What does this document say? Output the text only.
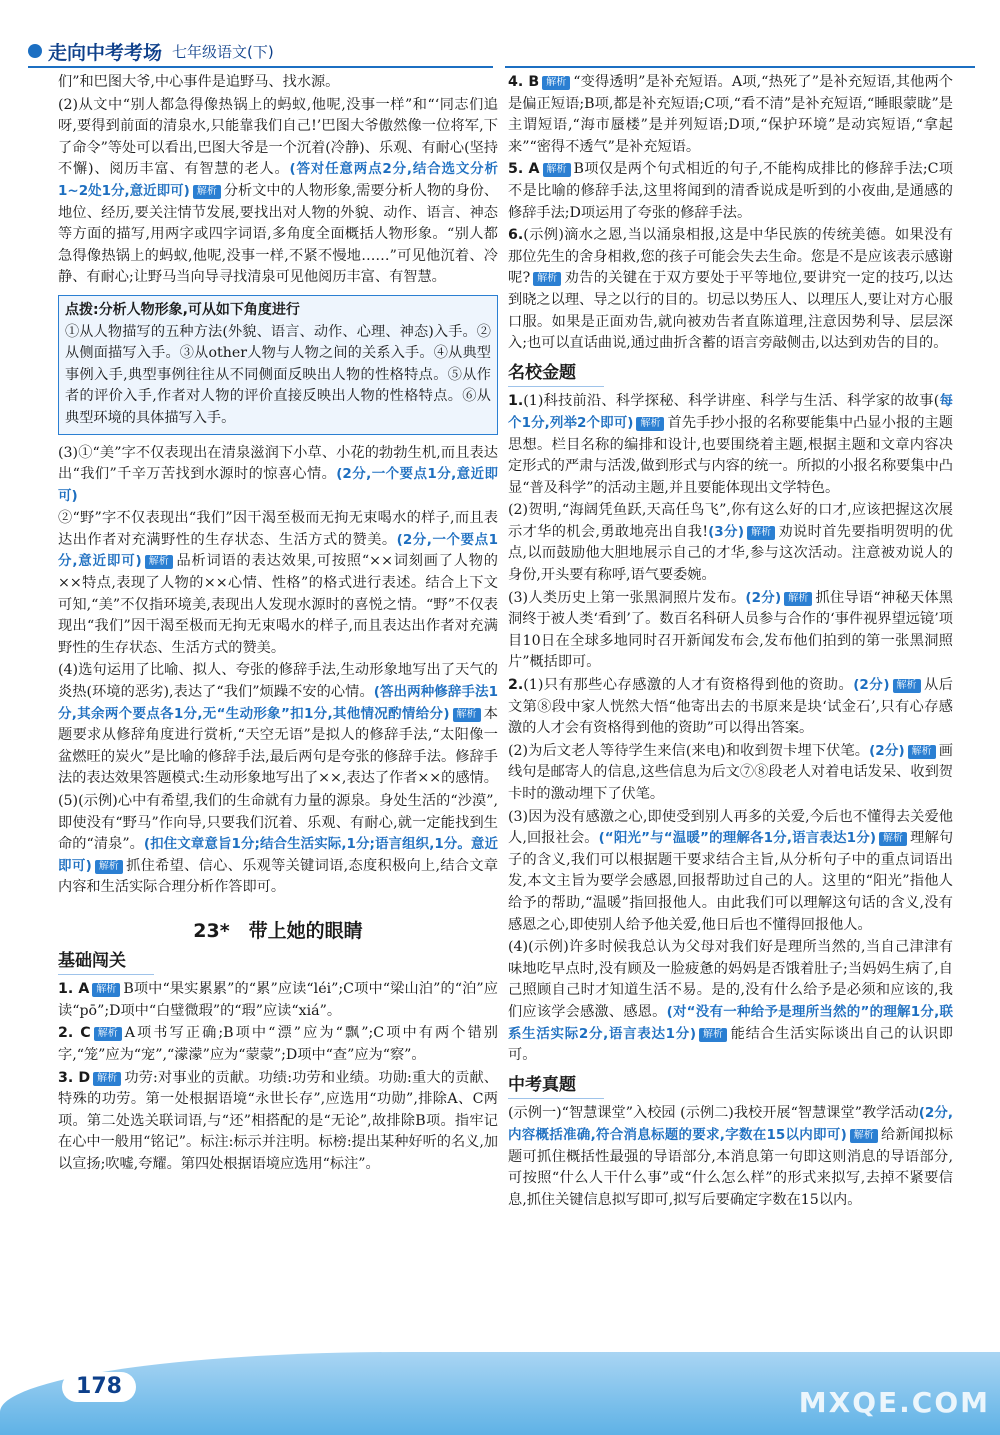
走向中考考场 七年级语文(下)

们”和巴图大爷,中心事件是追野马、找水源。

(2)从文中“别人都急得像热锅上的蚂蚁,他呢,没事一样”和“‘同志们追呀,要得到前面的清泉水,只能靠我们自己!’巴图大爷傲然像一位将军,下了命令”等处可以看出,巴图大爷是一个沉着(冷静)、乐观、有耐心(坚持不懈)、阅历丰富、有智慧的老人。(答对任意两点2分,结合选文分析1~2处1分,意近即可) 解析 分析文中的人物形象,需要分析人物的身份、地位、经历,要关注情节发展,要找出对人物的外貌、动作、语言、神态等方面的描写,用两字或四字词语,多角度全面概括人物形象。“别人都急得像热锅上的蚂蚁,他呢,没事一样,不紧不慢地……”可见他沉着、冷静、有耐心;让野马当向导寻找清泉可见他阅历丰富、有智慧。

点拨:分析人物形象,可从如下角度进行
①从人物描写的五种方法(外貌、语言、动作、心理、神态)入手。②从侧面描写入手。③从other人物与人物之间的关系入手。④从典型事例入手,典型事例往往从不同侧面反映出人物的性格特点。⑤从作者的评价入手,作者对人物的评价直接反映出人物的性格特点。⑥从典型环境的具体描写入手。

(3)①“美”字不仅表现出在清泉滋润下小草、小花的勃勃生机,而且表达出“我们”千辛万苦找到水源时的惊喜心情。(2分,一个要点1分,意近即可)

②“野”字不仅表现出“我们”因干渴至极而无拘无束喝水的样子,而且表达出作者对充满野性的生存状态、生活方式的赞美。(2分,一个要点1分,意近即可) 解析 品析词语的表达效果,可按照“××词刻画了人物的××特点,表现了人物的××心情、性格”的格式进行表述。结合上下文可知,“美”不仅指环境美,表现出人发现水源时的喜悦之情。“野”不仅表现出“我们”因干渴至极而无拘无束喝水的样子,而且表达出作者对充满野性的生存状态、生活方式的赞美。

(4)选句运用了比喻、拟人、夸张的修辞手法,生动形象地写出了天气的炎热(环境的恶劣),表达了“我们”烦躁不安的心情。(答出两种修辞手法1分,其余两个要点各1分,无“生动形象”扣1分,其他情况酌情给分) 解析 本题要求从修辞角度进行赏析,“天空无语”是拟人的修辞手法,“太阳像一盆燃旺的炭火”是比喻的修辞手法,最后两句是夸张的修辞手法。修辞手法的表达效果答题模式:生动形象地写出了××,表达了作者××的感情。

(5)(示例)心中有希望,我们的生命就有力量的源泉。身处生活的“沙漠”,即使没有“野马”作向导,只要我们沉着、乐观、有耐心,就一定能找到生命的“清泉”。(扣住文章意旨1分;结合生活实际,1分;语言组织,1分。意近即可) 解析 抓住希望、信心、乐观等关键词语,态度积极向上,结合文章内容和生活实际合理分析作答即可。

23*　带上她的眼睛
基础闯关

1. A 解析 B项中“果实累累”的“累”应读“léi”;C项中“梁山泊”的“泊”应读“pō”;D项中“白璧微瑕”的“瑕”应读“xiá”。

2. C 解析 A项书写正确;B项中“漂”应为“飘”;C项中有两个错别字,“笼”应为“宠”,“濛濛”应为“蒙蒙”;D项中“查”应为“察”。

3. D 解析 功劳:对事业的贡献。功绩:功劳和业绩。功勋:重大的贡献、特殊的功劳。第一处根据语境“永世长存”,应选用“功勋”,排除A、C两项。第二处选关联词语,与“还”相搭配的是“无论”,故排除B项。指牢记在心中一般用“铭记”。标注:标示并注明。标榜:提出某种好听的名义,加以宣扬;吹嘘,夸耀。第四处根据语境应选用“标注”。

4. B 解析 “变得透明”是补充短语。A项,“热死了”是补充短语,其他两个是偏正短语;B项,都是补充短语;C项,“看不清”是补充短语,“睡眼蒙眬”是主谓短语,“海市蜃楼”是并列短语;D项,“保护环境”是动宾短语,“拿起来”“密得不透气”是补充短语。

5. A 解析 B项仅是两个句式相近的句子,不能构成排比的修辞手法;C项不是比喻的修辞手法,这里将闻到的清香说成是听到的小夜曲,是通感的修辞手法;D项运用了夸张的修辞手法。

6.(示例)滴水之恩,当以涌泉相报,这是中华民族的传统美德。如果没有那位先生的舍身相救,您的孩子可能会失去生命。您是不是应该表示感谢呢? 解析 劝告的关键在于双方要处于平等地位,要讲究一定的技巧,以达到晓之以理、导之以行的目的。切忌以势压人、以理压人,要让对方心服口服。如果是正面劝告,就向被劝告者直陈道理,注意因势利导、层层深入;也可以直话曲说,通过曲折含蓄的语言旁敲侧击,以达到劝告的目的。

名校金题

1.(1)科技前沿、科学探秘、科学讲座、科学与生活、科学家的故事(每个1分,列举2个即可) 解析 首先手抄小报的名称要能集中凸显小报的主题思想。栏目名称的编排和设计,也要围绕着主题,根据主题和文章内容决定形式的严肃与活泼,做到形式与内容的统一。所拟的小报名称要集中凸显“普及科学”的活动主题,并且要能体现出文学特色。

(2)贺明,“海阔凭鱼跃,天高任鸟飞”,你有这么好的口才,应该把握这次展示才华的机会,勇敢地亮出自我!(3分) 解析 劝说时首先要指明贺明的优点,以而鼓励他大胆地展示自己的才华,参与这次活动。注意被劝说人的身份,开头要有称呼,语气要委婉。

(3)人类历史上第一张黑洞照片发布。(2分) 解析 抓住导语“神秘天体黑洞终于被人类‘看到’了。数百名科研人员参与合作的‘事件视界望远镜’项目10日在全球多地同时召开新闻发布会,发布他们拍到的第一张黑洞照片”概括即可。

2.(1)只有那些心存感激的人才有资格得到他的资助。(2分) 解析 从后文第⑧段中家人恍然大悟“他寄出去的书原来是块‘试金石’,只有心存感激的人才会有资格得到他的资助”可以得出答案。

(2)为后文老人等待学生来信(来电)和收到贺卡埋下伏笔。(2分) 解析 画线句是邮寄人的信息,这些信息为后文⑦⑧段老人对着电话发呆、收到贺卡时的激动埋下了伏笔。

(3)因为没有感激之心,即使受到别人再多的关爱,今后也不懂得去关爱他人,回报社会。(“阳光”与“温暖”的理解各1分,语言表达1分) 解析 理解句子的含义,我们可以根据题干要求结合主旨,从分析句子中的重点词语出发,本文主旨为要学会感恩,回报帮助过自己的人。这里的“阳光”指他人给予的帮助,“温暖”指回报他人。由此我们可以理解这句话的含义,没有感恩之心,即使别人给予他关爱,他日后也不懂得回报他人。

(4)(示例)许多时候我总认为父母对我们好是理所当然的,当自己津津有味地吃早点时,没有顾及一脸疲惫的妈妈是否饿着肚子;当妈妈生病了,自己照顾自己时才知道生活不易。是的,没有什么给予是必须和应该的,我们应该学会感激、感恩。(对“没有一种给予是理所当然的”的理解1分,联系生活实际2分,语言表达1分) 解析 能结合生活实际谈出自己的认识即可。

中考真题

(示例一)“智慧课堂”入校园 (示例二)我校开展“智慧课堂”教学活动(2分,内容概括准确,符合消息标题的要求,字数在15以内即可) 解析 给新闻拟标题可抓住概括性最强的导语部分,本消息第一句即这则消息的导语部分,可按照“什么人干什么事”或“什么怎么样”的形式来拟写,去掉不紧要信息,抓住关键信息拟写即可,拟写后要确定字数在15以内。

178	MXQE.COM
